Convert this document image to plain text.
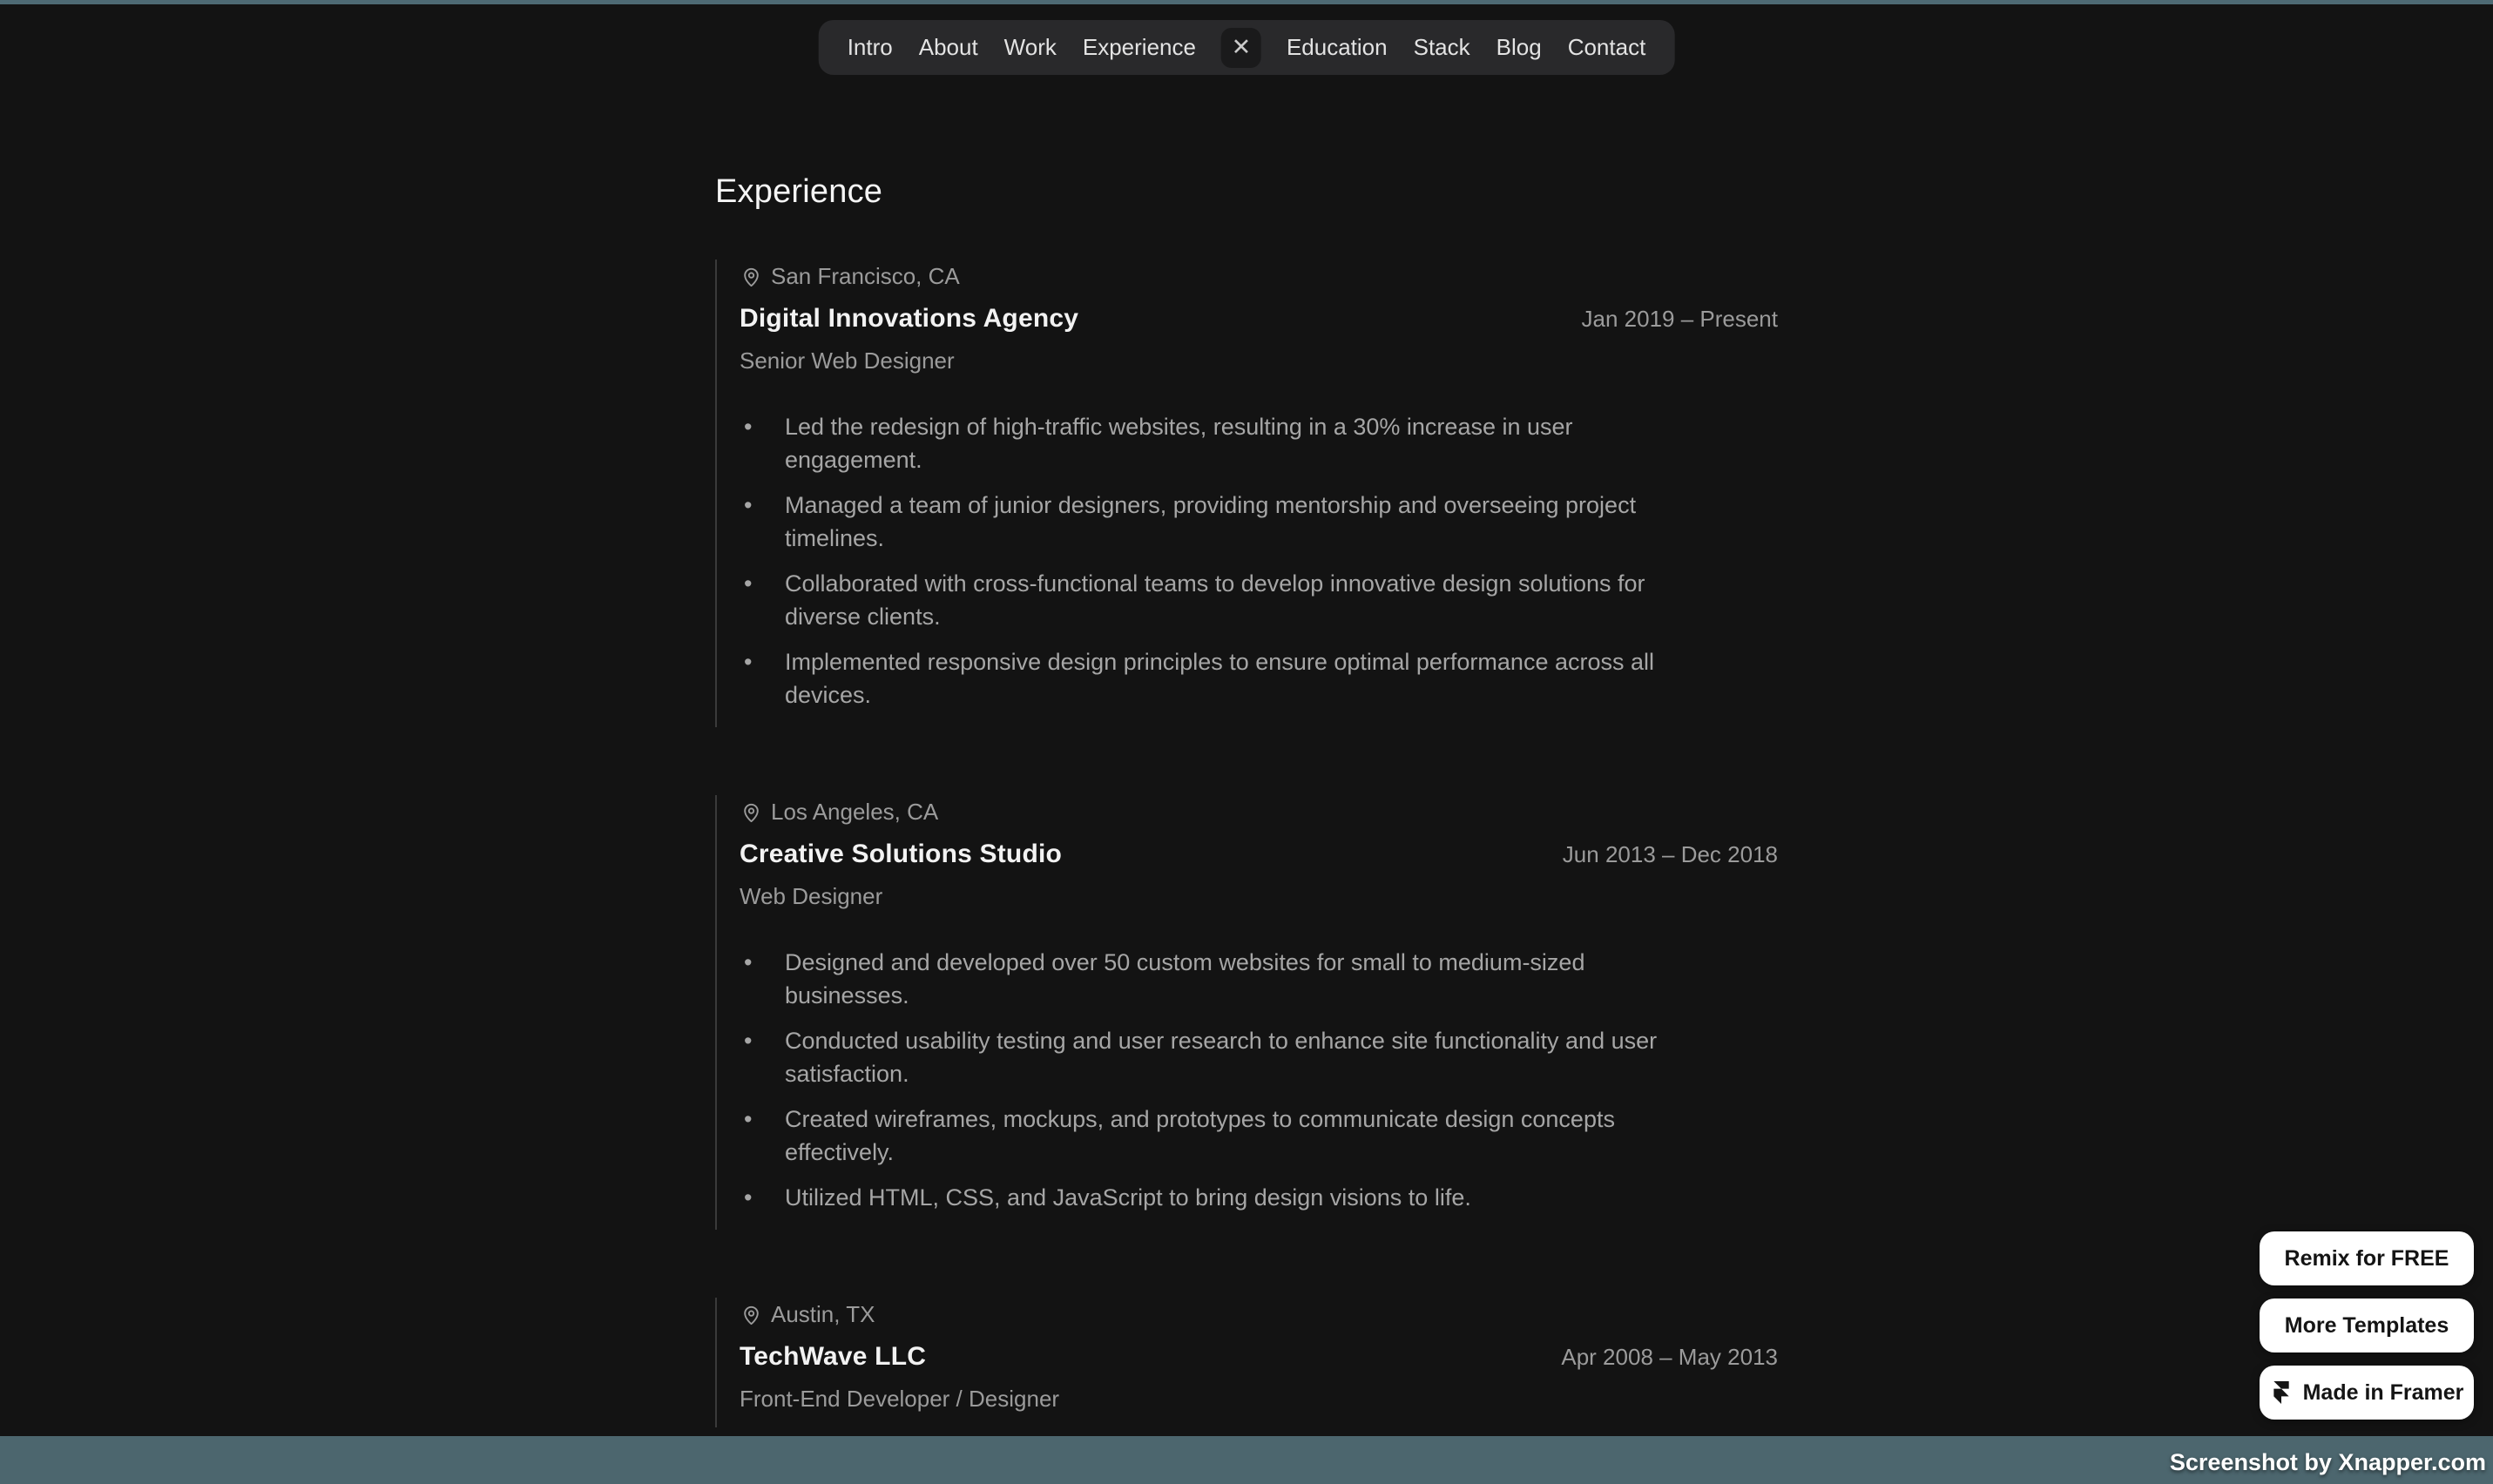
Intro	About	Work	Experience	✕	Education	Stack	Blog	Contact
Experience
San Francisco, CA
Digital Innovations Agency	Jan 2019 – Present
Senior Web Designer
• Led the redesign of high-traffic websites, resulting in a 30% increase in user engagement.
• Managed a team of junior designers, providing mentorship and overseeing project timelines.
• Collaborated with cross-functional teams to develop innovative design solutions for diverse clients.
• Implemented responsive design principles to ensure optimal performance across all devices.
Los Angeles, CA
Creative Solutions Studio	Jun 2013 – Dec 2018
Web Designer
• Designed and developed over 50 custom websites for small to medium-sized businesses.
• Conducted usability testing and user research to enhance site functionality and user satisfaction.
• Created wireframes, mockups, and prototypes to communicate design concepts effectively.
• Utilized HTML, CSS, and JavaScript to bring design visions to life.
Austin, TX
TechWave LLC	Apr 2008 – May 2013
Front-End Developer / Designer
Remix for FREE
More Templates
Made in Framer
Screenshot by Xnapper.com
